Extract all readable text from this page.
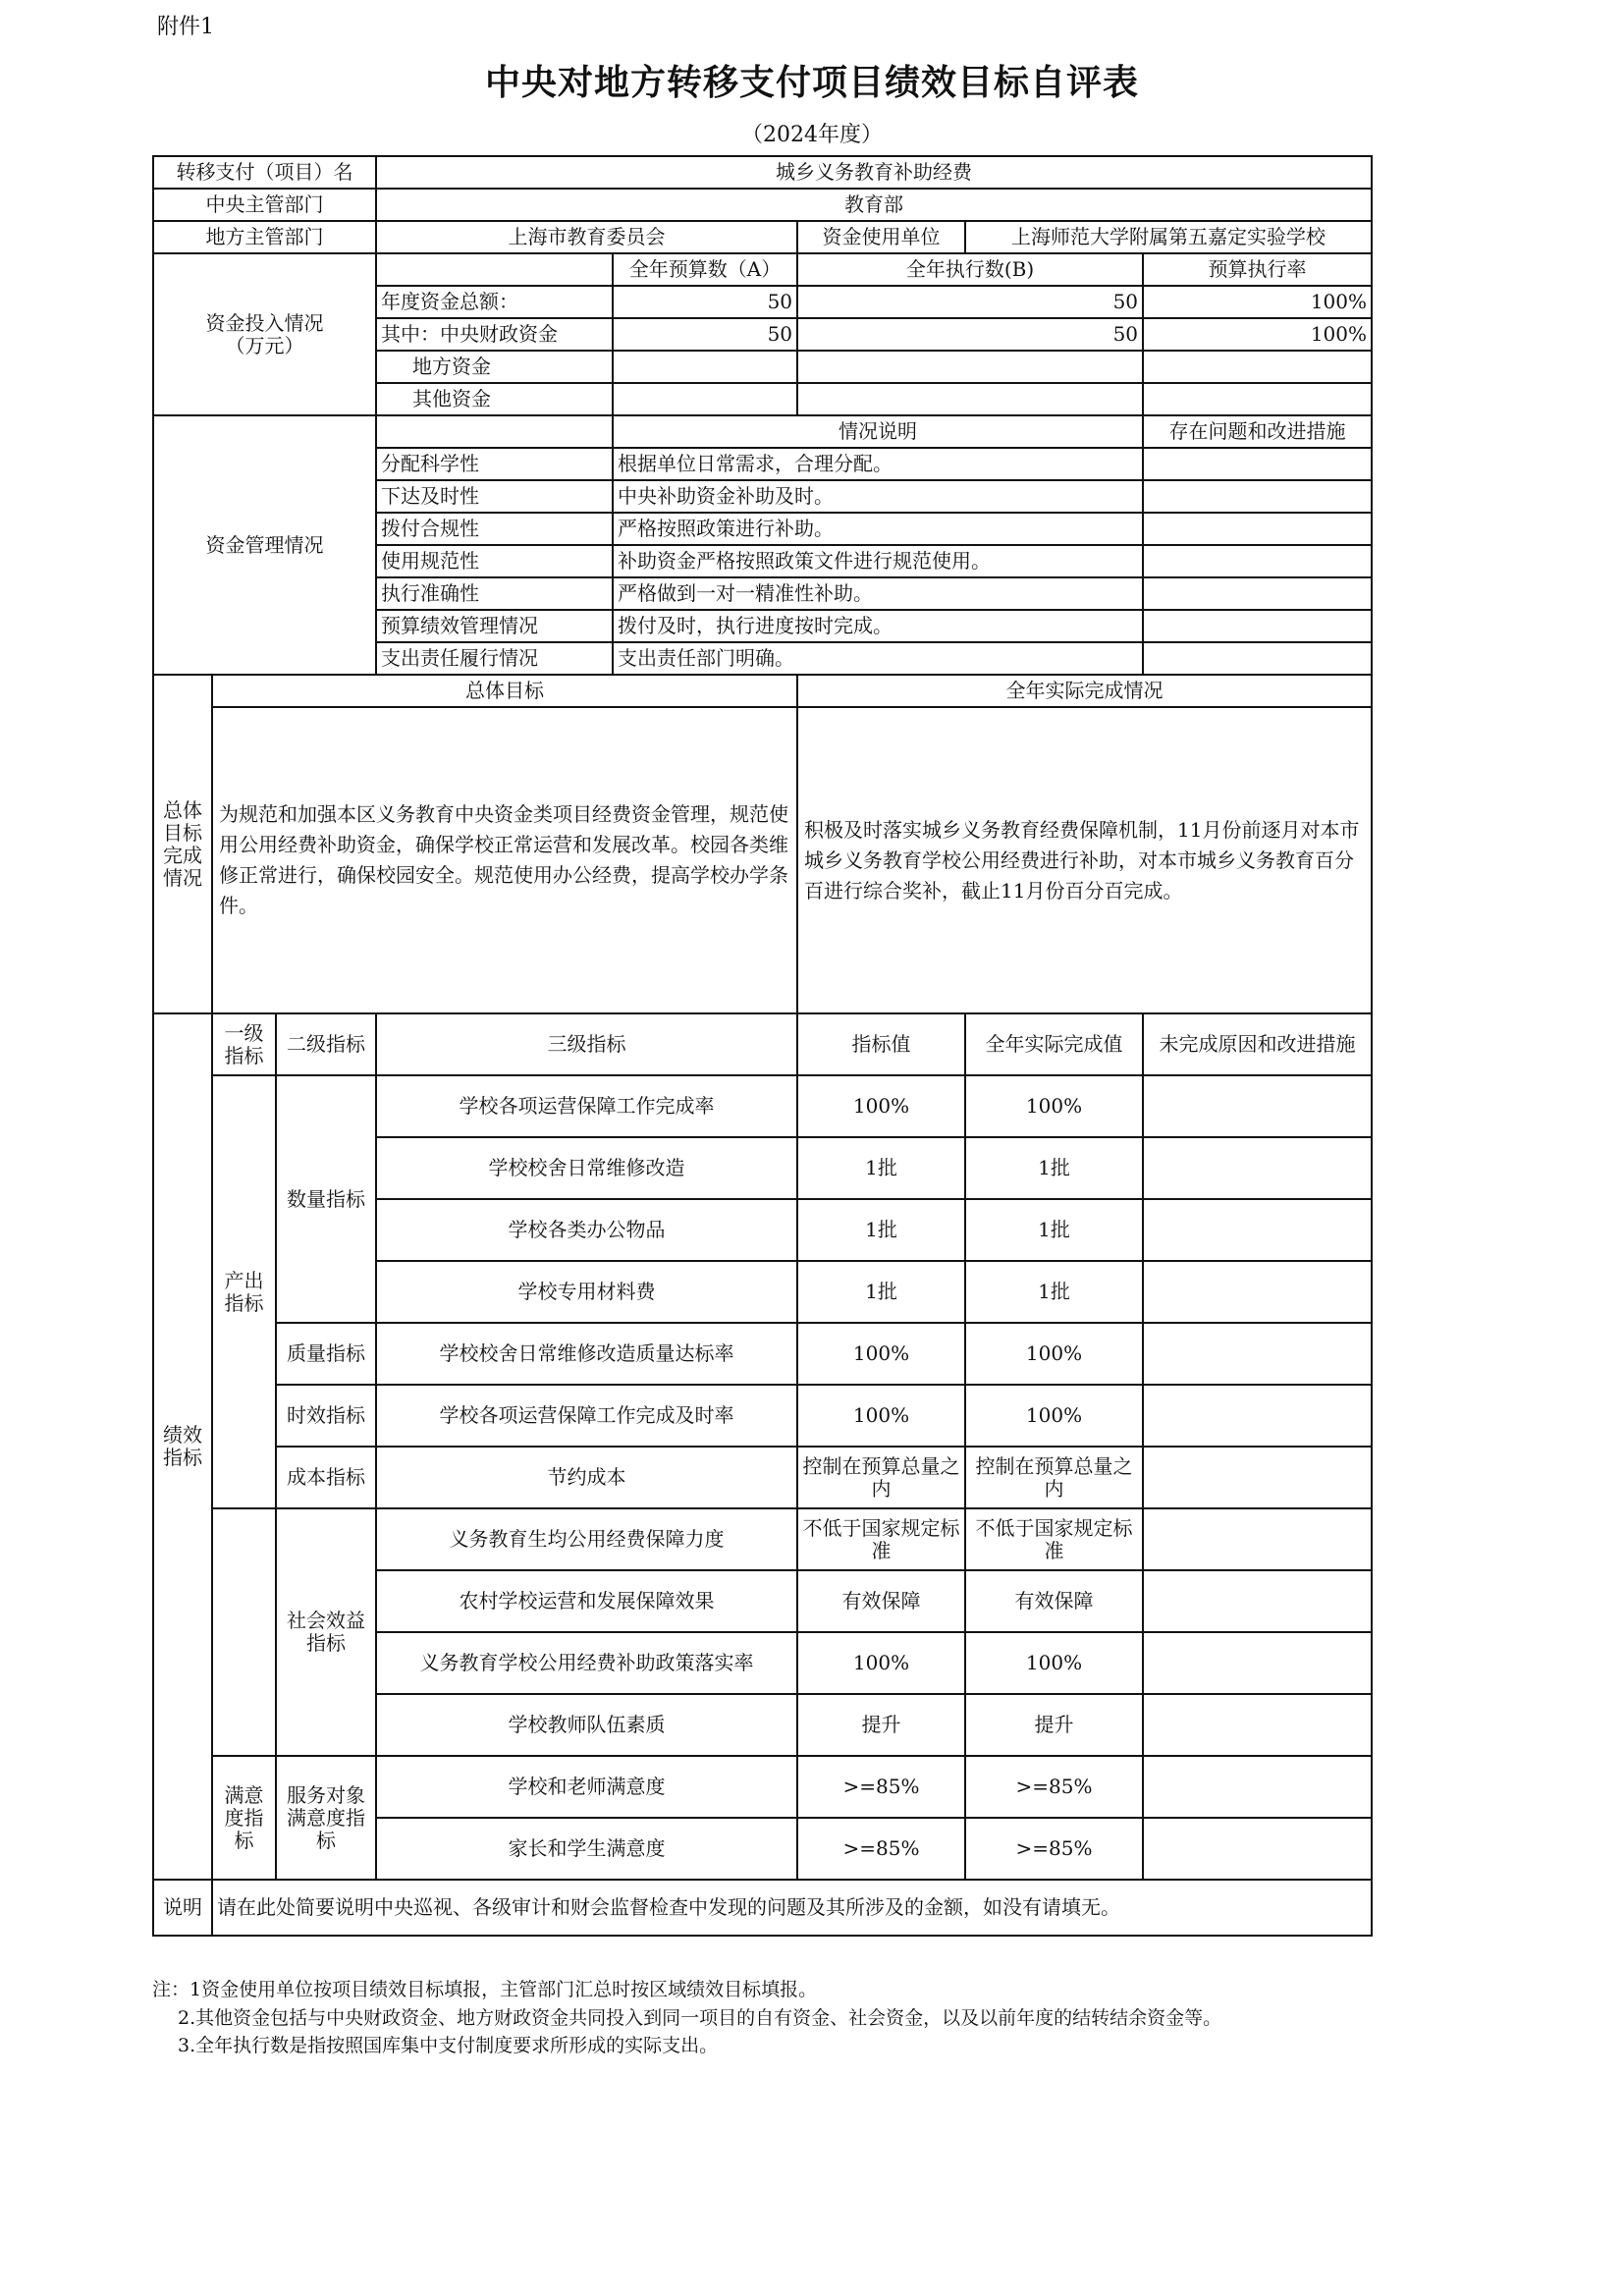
附件1
中央对地方转移支付项目绩效目标自评表
（2024年度）
转移支付（项目）名			城乡义务教育补助经费				
中央主管部门			教育部				
地方主管部门			上海市教育委员会		资金使用单位	上海师范大学附属第五嘉定实验学校	
资金投入情况
（万元）				全年预算数（A）	全年执行数(B)		预算执行率
			年度资金总额：	50	50		100%
			其中：中央财政资金	50	50		100%
			地方资金				
			其他资金				
资金管理情况				情况说明			存在问题和改进措施
			分配科学性	根据单位日常需求，合理分配。			
			下达及时性	中央补助资金补助及时。			
			拨付合规性	严格按照政策进行补助。			
			使用规范性	补助资金严格按照政策文件进行规范使用。			
			执行准确性	严格做到一对一精准性补助。			
			预算绩效管理情况	拨付及时，执行进度按时完成。			
			支出责任履行情况	支出责任部门明确。			
总体目标完成情况	总体目标				全年实际完成情况		
	为规范和加强本区义务教育中央资金类项目经费资金管理，规范使用公用经费补助资金，确保学校正常运营和发展改革。校园各类维修正常进行，确保校园安全。规范使用办公经费，提高学校办学条件。				积极及时落实城乡义务教育经费保障机制，11月份前逐月对本市城乡义务教育学校公用经费进行补助，对本市城乡义务教育百分百进行综合奖补，截止11月份百分百完成。		
绩效指标	一级指标	二级指标	三级指标		指标值	全年实际完成值	未完成原因和改进措施
	产出指标	数量指标	学校各项运营保障工作完成率		100%	100%	
			学校校舍日常维修改造		1批	1批	
			学校各类办公物品		1批	1批	
			学校专用材料费		1批	1批	
		质量指标	学校校舍日常维修改造质量达标率		100%	100%	
		时效指标	学校各项运营保障工作完成及时率		100%	100%	
		成本指标	节约成本		控制在预算总量之内	控制在预算总量之内	
		社会效益指标	义务教育生均公用经费保障力度		不低于国家规定标准	不低于国家规定标准	
			农村学校运营和发展保障效果		有效保障	有效保障	
			义务教育学校公用经费补助政策落实率		100%	100%	
			学校教师队伍素质		提升	提升	
	满意度指标	服务对象满意度指标	学校和老师满意度		>=85%	>=85%	
			家长和学生满意度		>=85%	>=85%	
说明	请在此处简要说明中央巡视、各级审计和财会监督检查中发现的问题及其所涉及的金额，如没有请填无。						
注：1资金使用单位按项目绩效目标填报，主管部门汇总时按区域绩效目标填报。
2.其他资金包括与中央财政资金、地方财政资金共同投入到同一项目的自有资金、社会资金，以及以前年度的结转结余资金等。
3.全年执行数是指按照国库集中支付制度要求所形成的实际支出。
